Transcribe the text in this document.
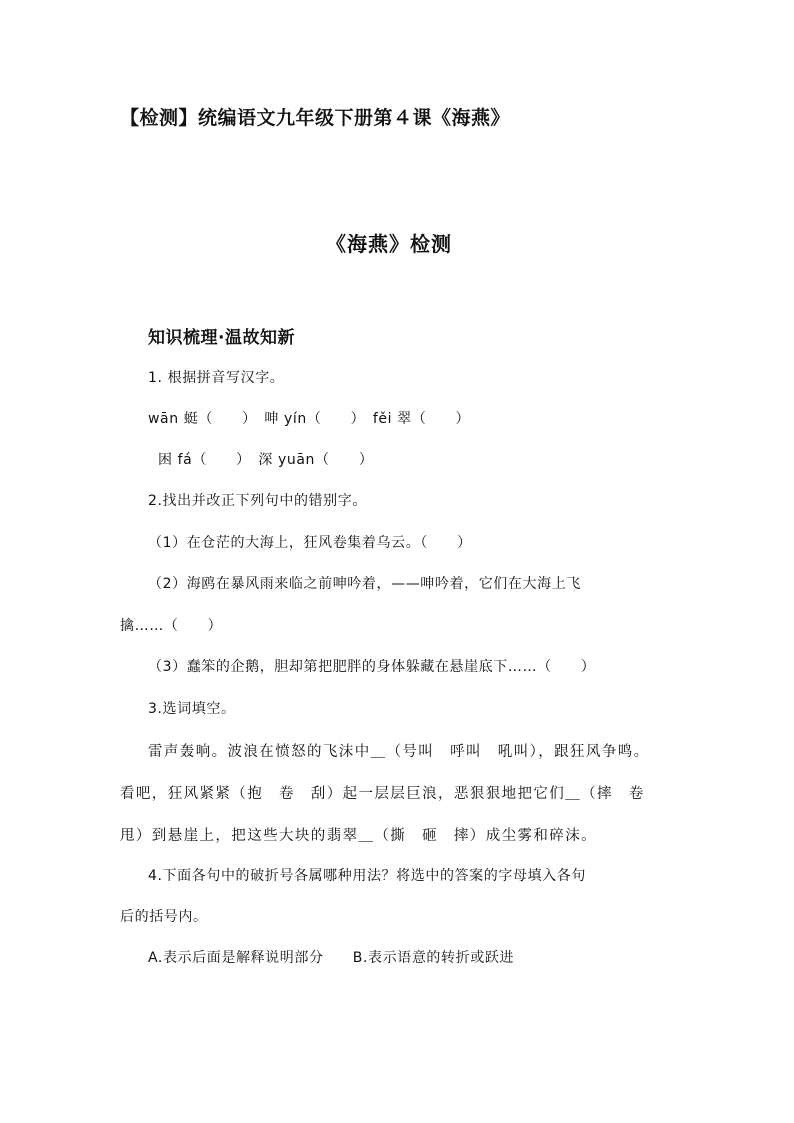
【检测】统编语文九年级下册第４课《海燕》
《海燕》检测
知识梳理·温故知新
1. 根据拼音写汉字。
wān 蜓（　　）　呻 yín（　　）　fěi 翠（　　）
困 fá（　　）　深 yuān（　　）
2.找出并改正下列句中的错别字。
（1）在仓茫的大海上，狂风卷集着乌云。（　　）
（2）海鸥在暴风雨来临之前呻吟着，——呻吟着，它们在大海上飞
擒……（　　）
（3）蠢笨的企鹅，胆却第把肥胖的身体躲藏在悬崖底下……（　　）
3.选词填空。
雷声轰响。波浪在愤怒的飞沫中＿（号叫　呼叫　吼叫），跟狂风争鸣。
看吧，狂风紧紧（抱　卷　刮）起一层层巨浪，恶狠狠地把它们＿（摔　卷
甩）到悬崖上，把这些大块的翡翠＿（撕　砸　摔）成尘雾和碎沫。
4.下面各句中的破折号各属哪种用法？将选中的答案的字母填入各句
后的括号内。
A.表示后面是解释说明部分　　B.表示语意的转折或跃进
